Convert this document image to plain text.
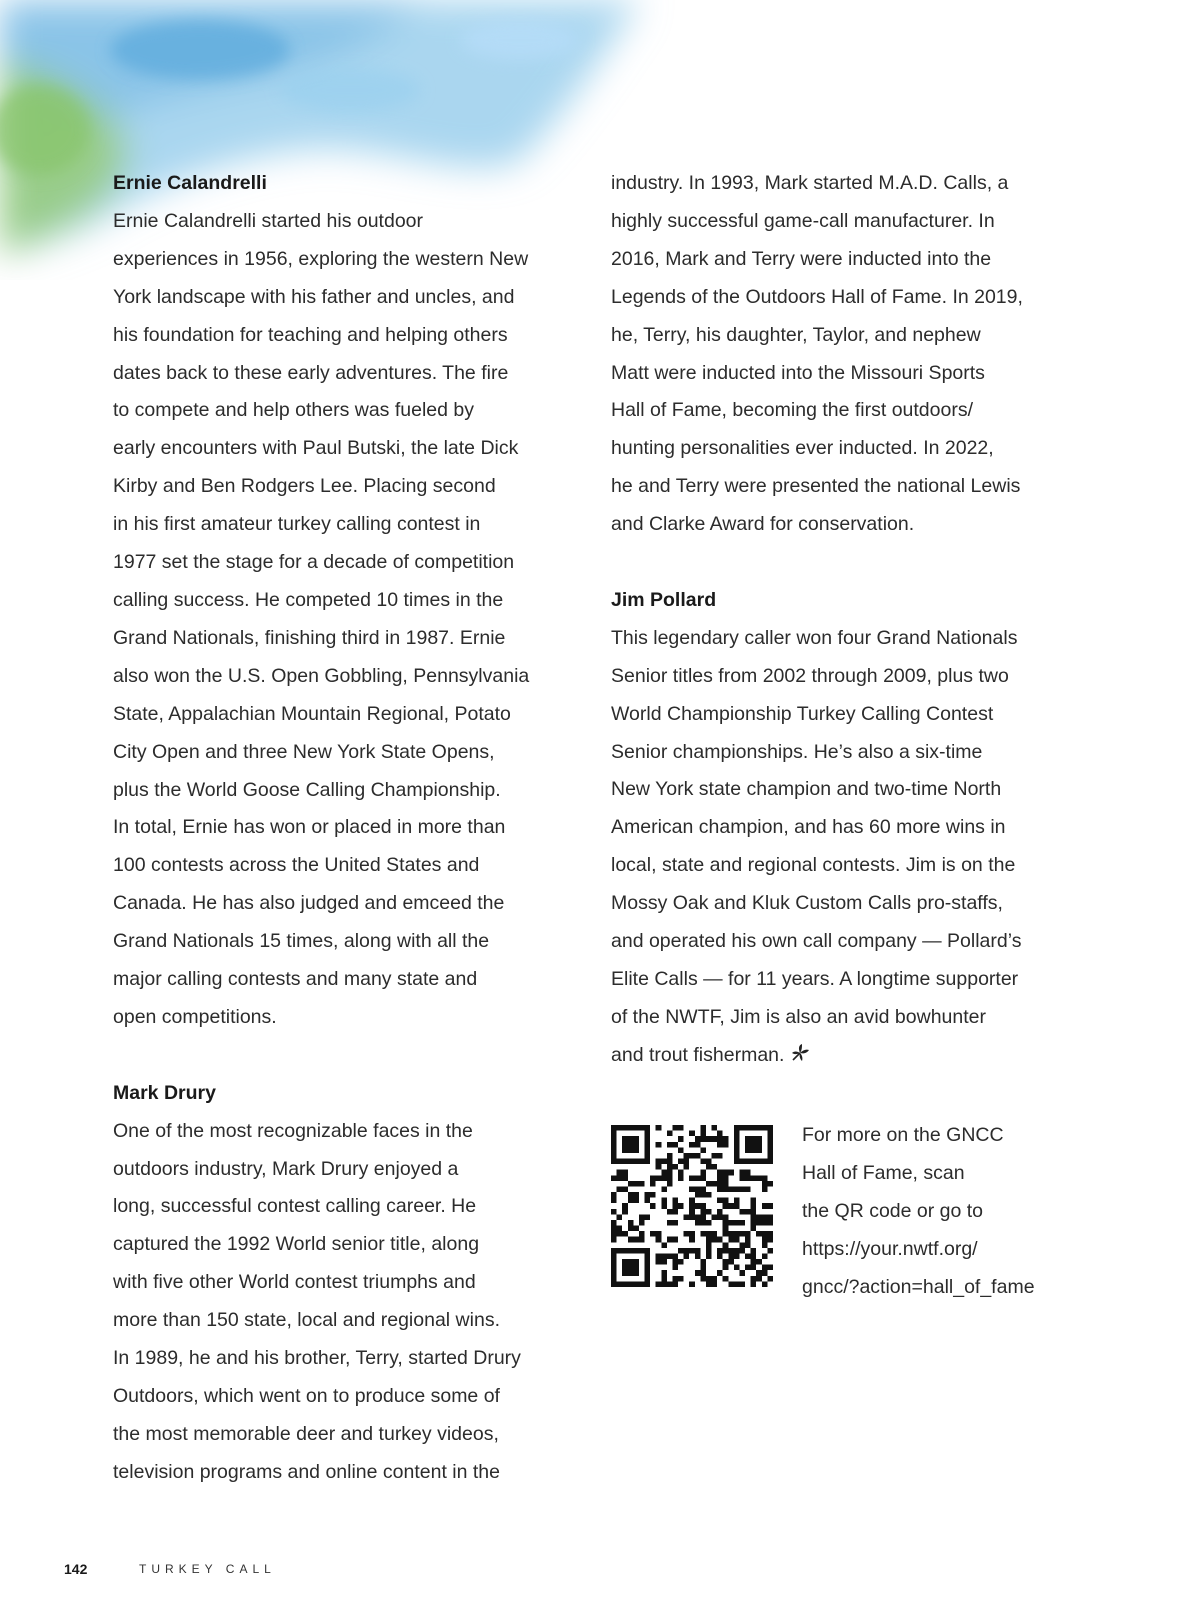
Ernie Calandrelli

Ernie Calandrelli started his outdoor
experiences in 1956, exploring the western New
York landscape with his father and uncles, and
his foundation for teaching and helping others
dates back to these early adventures. The fire
to compete and help others was fueled by
early encounters with Paul Butski, the late Dick
Kirby and Ben Rodgers Lee. Placing second
in his first amateur turkey calling contest in
1977 set the stage for a decade of competition
calling success. He competed 10 times in the
Grand Nationals, finishing third in 1987. Ernie
also won the U.S. Open Gobbling, Pennsylvania
State, Appalachian Mountain Regional, Potato
City Open and three New York State Opens,
plus the World Goose Calling Championship.
In total, Ernie has won or placed in more than
100 contests across the United States and
Canada. He has also judged and emceed the
Grand Nationals 15 times, along with all the
major calling contests and many state and
open competitions.

Mark Drury

One of the most recognizable faces in the
outdoors industry, Mark Drury enjoyed a
long, successful contest calling career. He
captured the 1992 World senior title, along
with five other World contest triumphs and
more than 150 state, local and regional wins.
In 1989, he and his brother, Terry, started Drury
Outdoors, which went on to produce some of
the most memorable deer and turkey videos,
television programs and online content in the

industry. In 1993, Mark started M.A.D. Calls, a
highly successful game-call manufacturer. In
2016, Mark and Terry were inducted into the
Legends of the Outdoors Hall of Fame. In 2019,
he, Terry, his daughter, Taylor, and nephew
Matt were inducted into the Missouri Sports
Hall of Fame, becoming the first outdoors/
hunting personalities ever inducted. In 2022,
he and Terry were presented the national Lewis
and Clarke Award for conservation.

Jim Pollard

This legendary caller won four Grand Nationals
Senior titles from 2002 through 2009, plus two
World Championship Turkey Calling Contest
Senior championships. He’s also a six-time
New York state champion and two-time North
American champion, and has 60 more wins in
local, state and regional contests. Jim is on the
Mossy Oak and Kluk Custom Calls pro-staffs,
and operated his own call company — Pollard’s
Elite Calls — for 11 years. A longtime supporter
of the NWTF, Jim is also an avid bowhunter
and trout fisherman.

For more on the GNCC
Hall of Fame, scan
the QR code or go to
https://your.nwtf.org/
gncc/?action=hall_of_fame
142	TURKEY CALL
